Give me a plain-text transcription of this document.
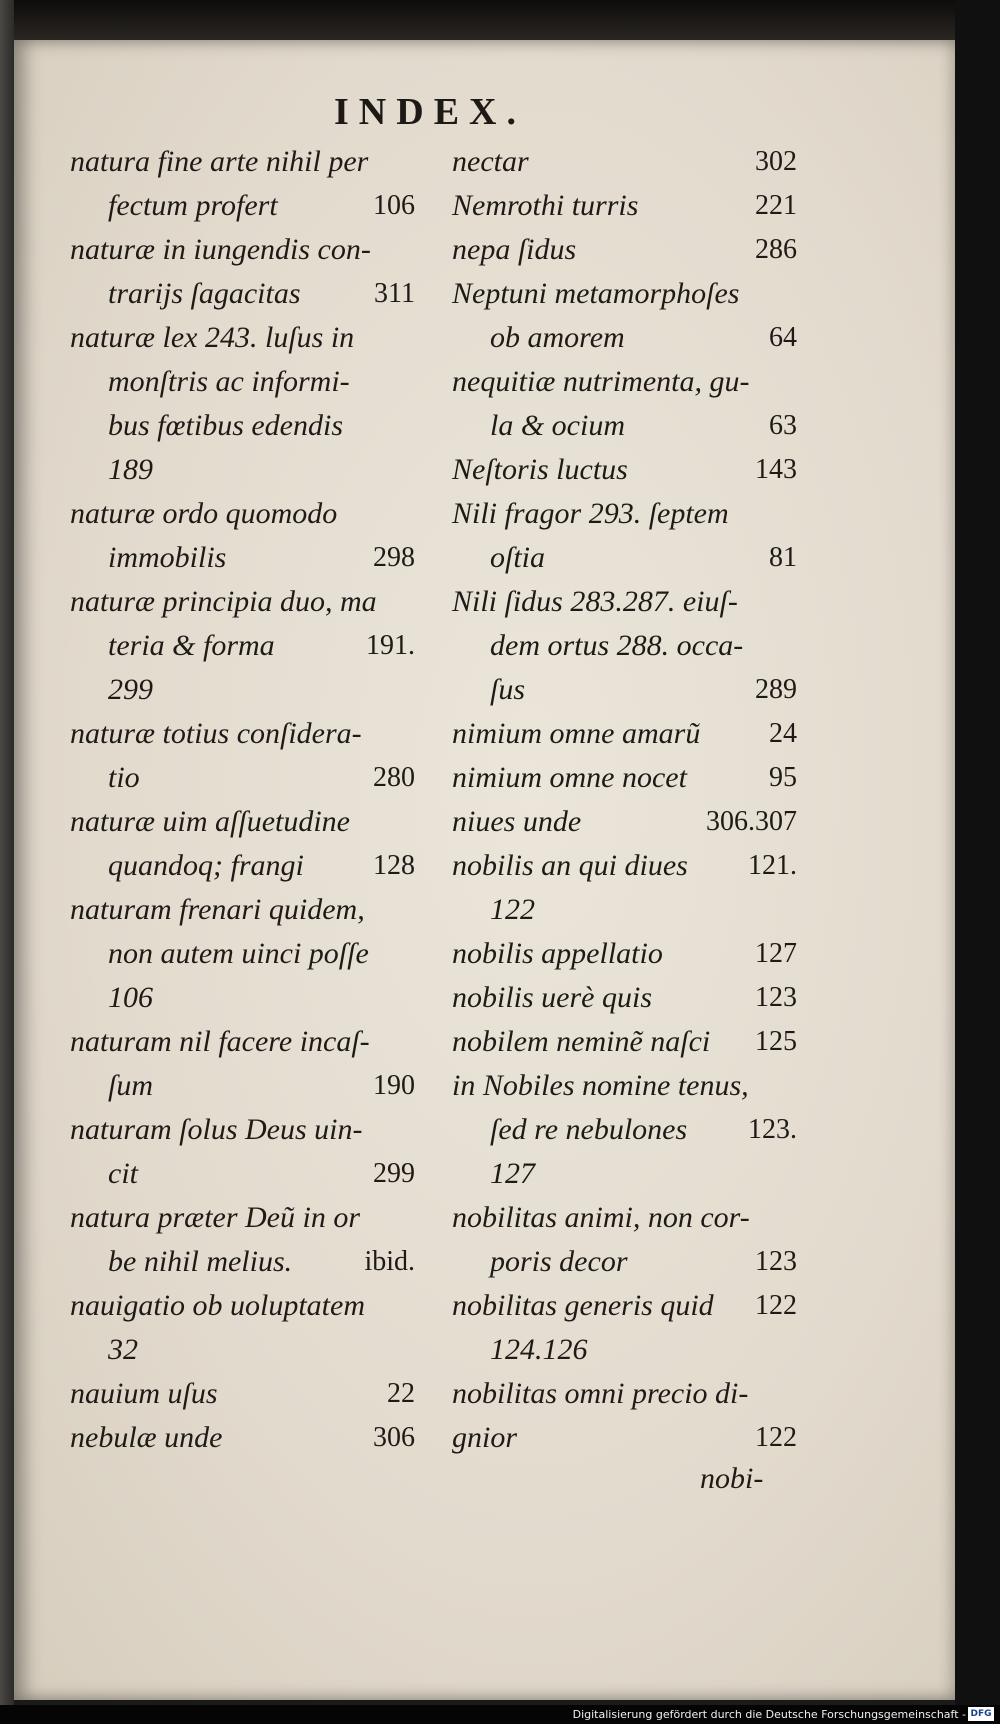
INDEX.
natura fine arte nihil per
fectum profert	106
naturæ in iungendis con-
trarijs ſagacitas	311
naturæ lex 243. luſus in
monſtris ac informi-
bus fœtibus edendis
189
naturæ ordo quomodo
immobilis	298
naturæ principia duo, ma
teria & forma	191.
299
naturæ totius conſidera-
tio	280
naturæ uim aſſuetudine
quandoq; frangi 128
naturam frenari quidem,
non autem uinci poſſe
106
naturam nil facere incaſ-
ſum	190
naturam ſolus Deus uin-
cit	299
natura præter Deũ in or
be nihil melius.	ibid.
nauigatio ob uoluptatem
32
nauium uſus	22
nebulæ unde	306
nectar	302
Nemrothi turris	221
nepa ſidus	286
Neptuni metamorphoſes
ob amorem	64
nequitiæ nutrimenta, gu-
la & ocium	63
Neſtoris luctus	143
Nili fragor 293. ſeptem
oſtia	81
Nili ſidus 283.287. eiuſ-
dem ortus 288. occa-
ſus	289
nimium omne amarũ 24
nimium omne nocet	95
niues unde	306.307
nobilis an qui diues 121.
122
nobilis appellatio	127
nobilis uerè quis	123
nobilem neminẽ naſci 125
in Nobiles nomine tenus,
ſed re nebulones 123.
127
nobilitas animi, non cor-
poris decor	123
nobilitas generis quid 122
124.126
nobilitas omni precio di-
gnior	122
nobi-
Digitalisierung gefördert durch die Deutsche Forschungsgemeinschaft - DFG
